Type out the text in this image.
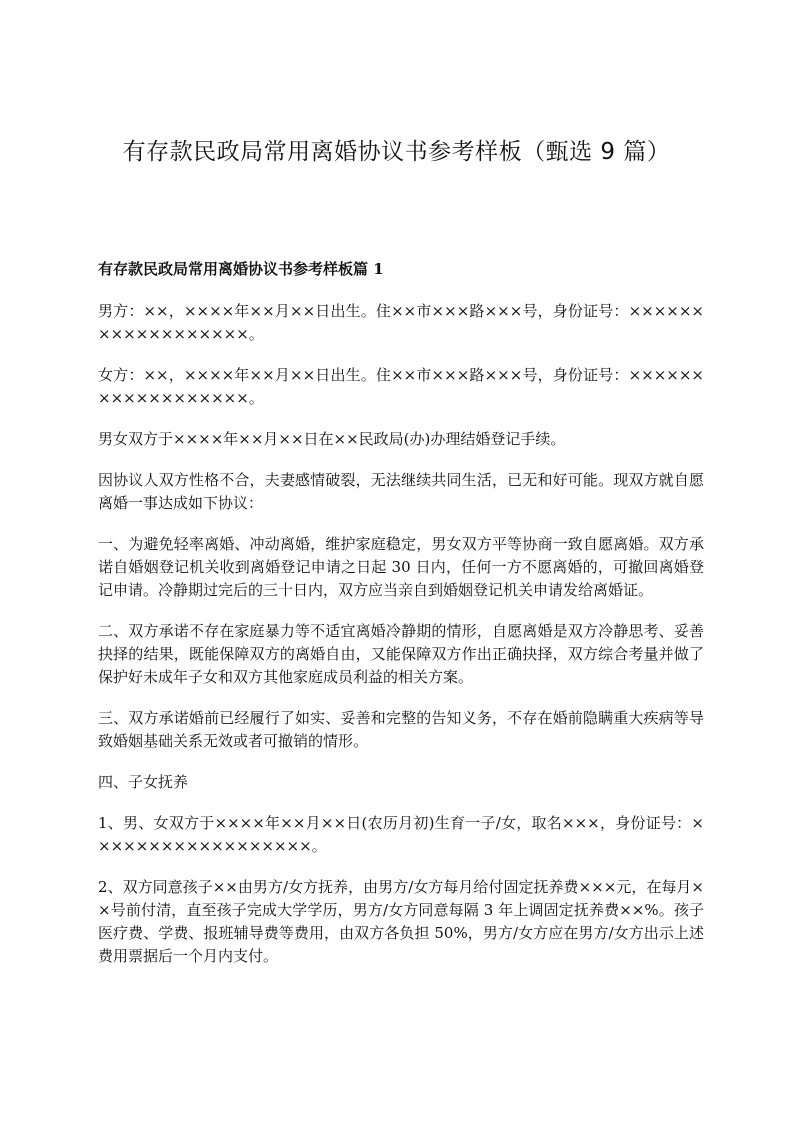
有存款民政局常用离婚协议书参考样板（甄选 9 篇）
有存款民政局常用离婚协议书参考样板篇 1

男方：××，××××年××月××日出生。住××市×××路×××号，身份证号：××××××××××××××××××。

女方：××，××××年××月××日出生。住××市×××路×××号，身份证号：××××××××××××××××××。

男女双方于××××年××月××日在××民政局(办)办理结婚登记手续。

因协议人双方性格不合，夫妻感情破裂，无法继续共同生活，已无和好可能。现双方就自愿离婚一事达成如下协议：

一、为避免轻率离婚、冲动离婚，维护家庭稳定，男女双方平等协商一致自愿离婚。双方承诺自婚姻登记机关收到离婚登记申请之日起 30 日内，任何一方不愿离婚的，可撤回离婚登记申请。冷静期过完后的三十日内，双方应当亲自到婚姻登记机关申请发给离婚证。

二、双方承诺不存在家庭暴力等不适宜离婚冷静期的情形，自愿离婚是双方冷静思考、妥善抉择的结果，既能保障双方的离婚自由，又能保障双方作出正确抉择，双方综合考量并做了保护好未成年子女和双方其他家庭成员利益的相关方案。

三、双方承诺婚前已经履行了如实、妥善和完整的告知义务，不存在婚前隐瞒重大疾病等导致婚姻基础关系无效或者可撤销的情形。

四、子女抚养

1、男、女双方于××××年××月××日(农历月初)生育一子/女，取名×××，身份证号：××××××××××××××××××。

2、双方同意孩子××由男方/女方抚养，由男方/女方每月给付固定抚养费×××元，在每月××号前付清，直至孩子完成大学学历，男方/女方同意每隔 3 年上调固定抚养费××%。孩子医疗费、学费、报班辅导费等费用，由双方各负担 50%，男方/女方应在男方/女方出示上述费用票据后一个月内支付。
